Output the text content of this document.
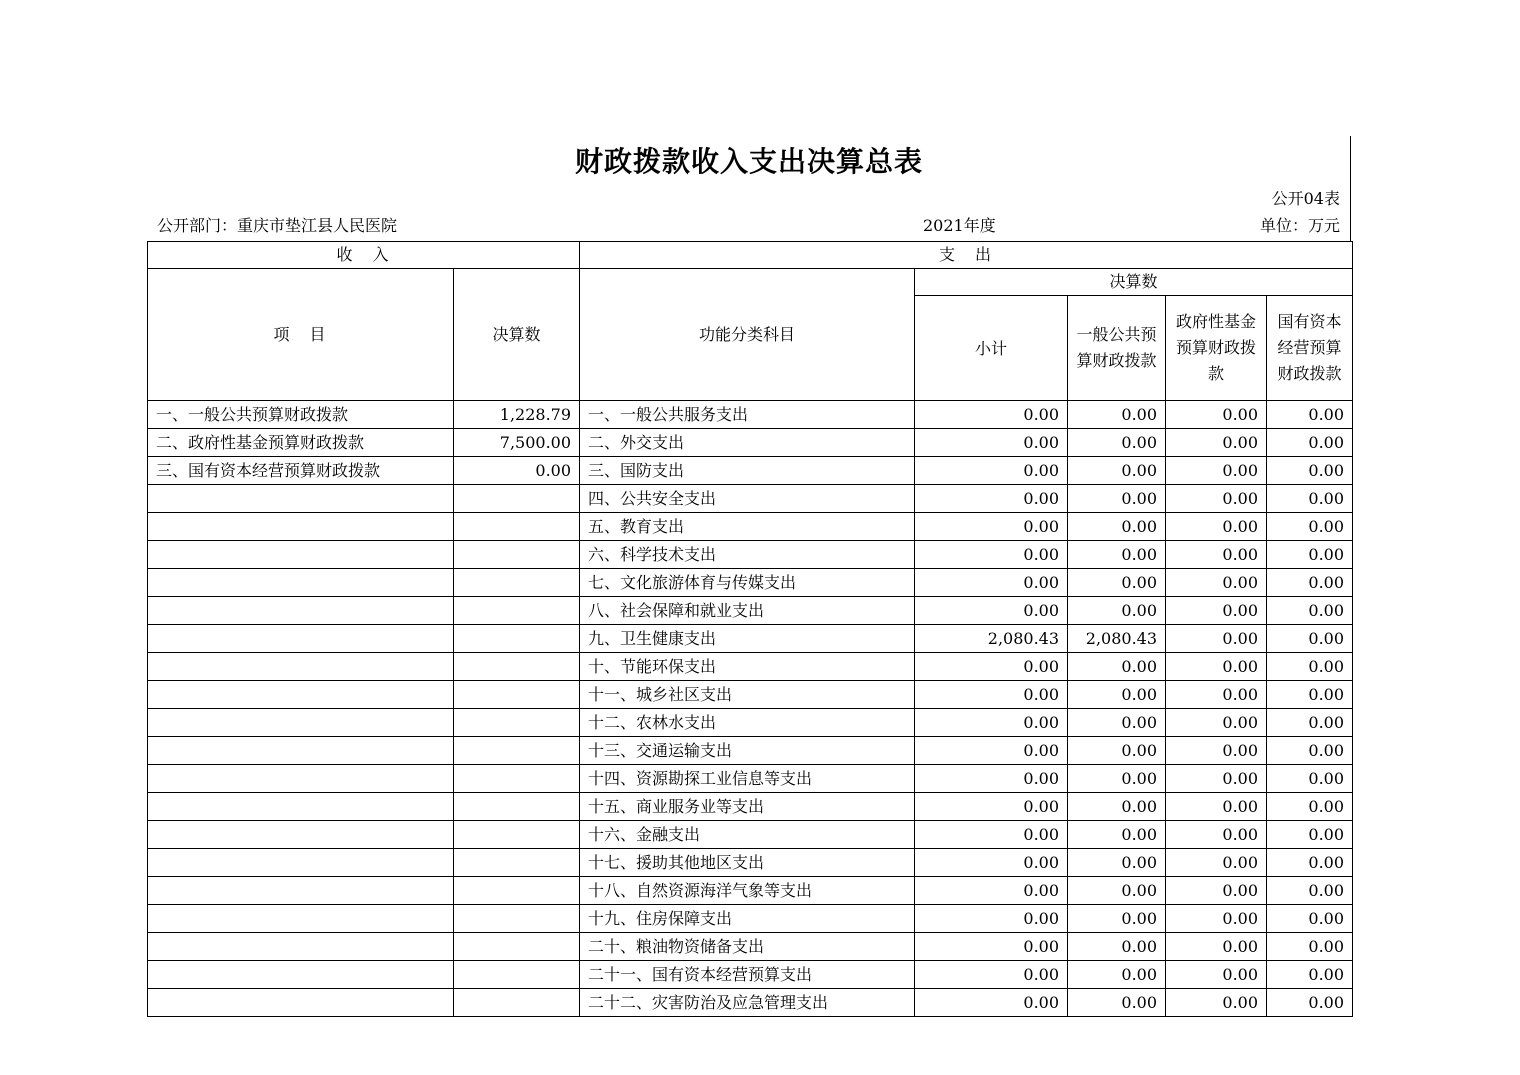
财政拨款收入支出决算总表
公开04表
公开部门：重庆市垫江县人民医院	2021年度	单位：万元
收　入		支　出				
项　目	决算数	功能分类科目	决算数			
			小计	一般公共预算财政拨款	政府性基金预算财政拨款	国有资本经营预算财政拨款
一、一般公共预算财政拨款	1,228.79	一、一般公共服务支出	0.00	0.00	0.00	0.00
二、政府性基金预算财政拨款	7,500.00	二、外交支出	0.00	0.00	0.00	0.00
三、国有资本经营预算财政拨款	0.00	三、国防支出	0.00	0.00	0.00	0.00
		四、公共安全支出	0.00	0.00	0.00	0.00
		五、教育支出	0.00	0.00	0.00	0.00
		六、科学技术支出	0.00	0.00	0.00	0.00
		七、文化旅游体育与传媒支出	0.00	0.00	0.00	0.00
		八、社会保障和就业支出	0.00	0.00	0.00	0.00
		九、卫生健康支出	2,080.43	2,080.43	0.00	0.00
		十、节能环保支出	0.00	0.00	0.00	0.00
		十一、城乡社区支出	0.00	0.00	0.00	0.00
		十二、农林水支出	0.00	0.00	0.00	0.00
		十三、交通运输支出	0.00	0.00	0.00	0.00
		十四、资源勘探工业信息等支出	0.00	0.00	0.00	0.00
		十五、商业服务业等支出	0.00	0.00	0.00	0.00
		十六、金融支出	0.00	0.00	0.00	0.00
		十七、援助其他地区支出	0.00	0.00	0.00	0.00
		十八、自然资源海洋气象等支出	0.00	0.00	0.00	0.00
		十九、住房保障支出	0.00	0.00	0.00	0.00
		二十、粮油物资储备支出	0.00	0.00	0.00	0.00
		二十一、国有资本经营预算支出	0.00	0.00	0.00	0.00
		二十二、灾害防治及应急管理支出	0.00	0.00	0.00	0.00
